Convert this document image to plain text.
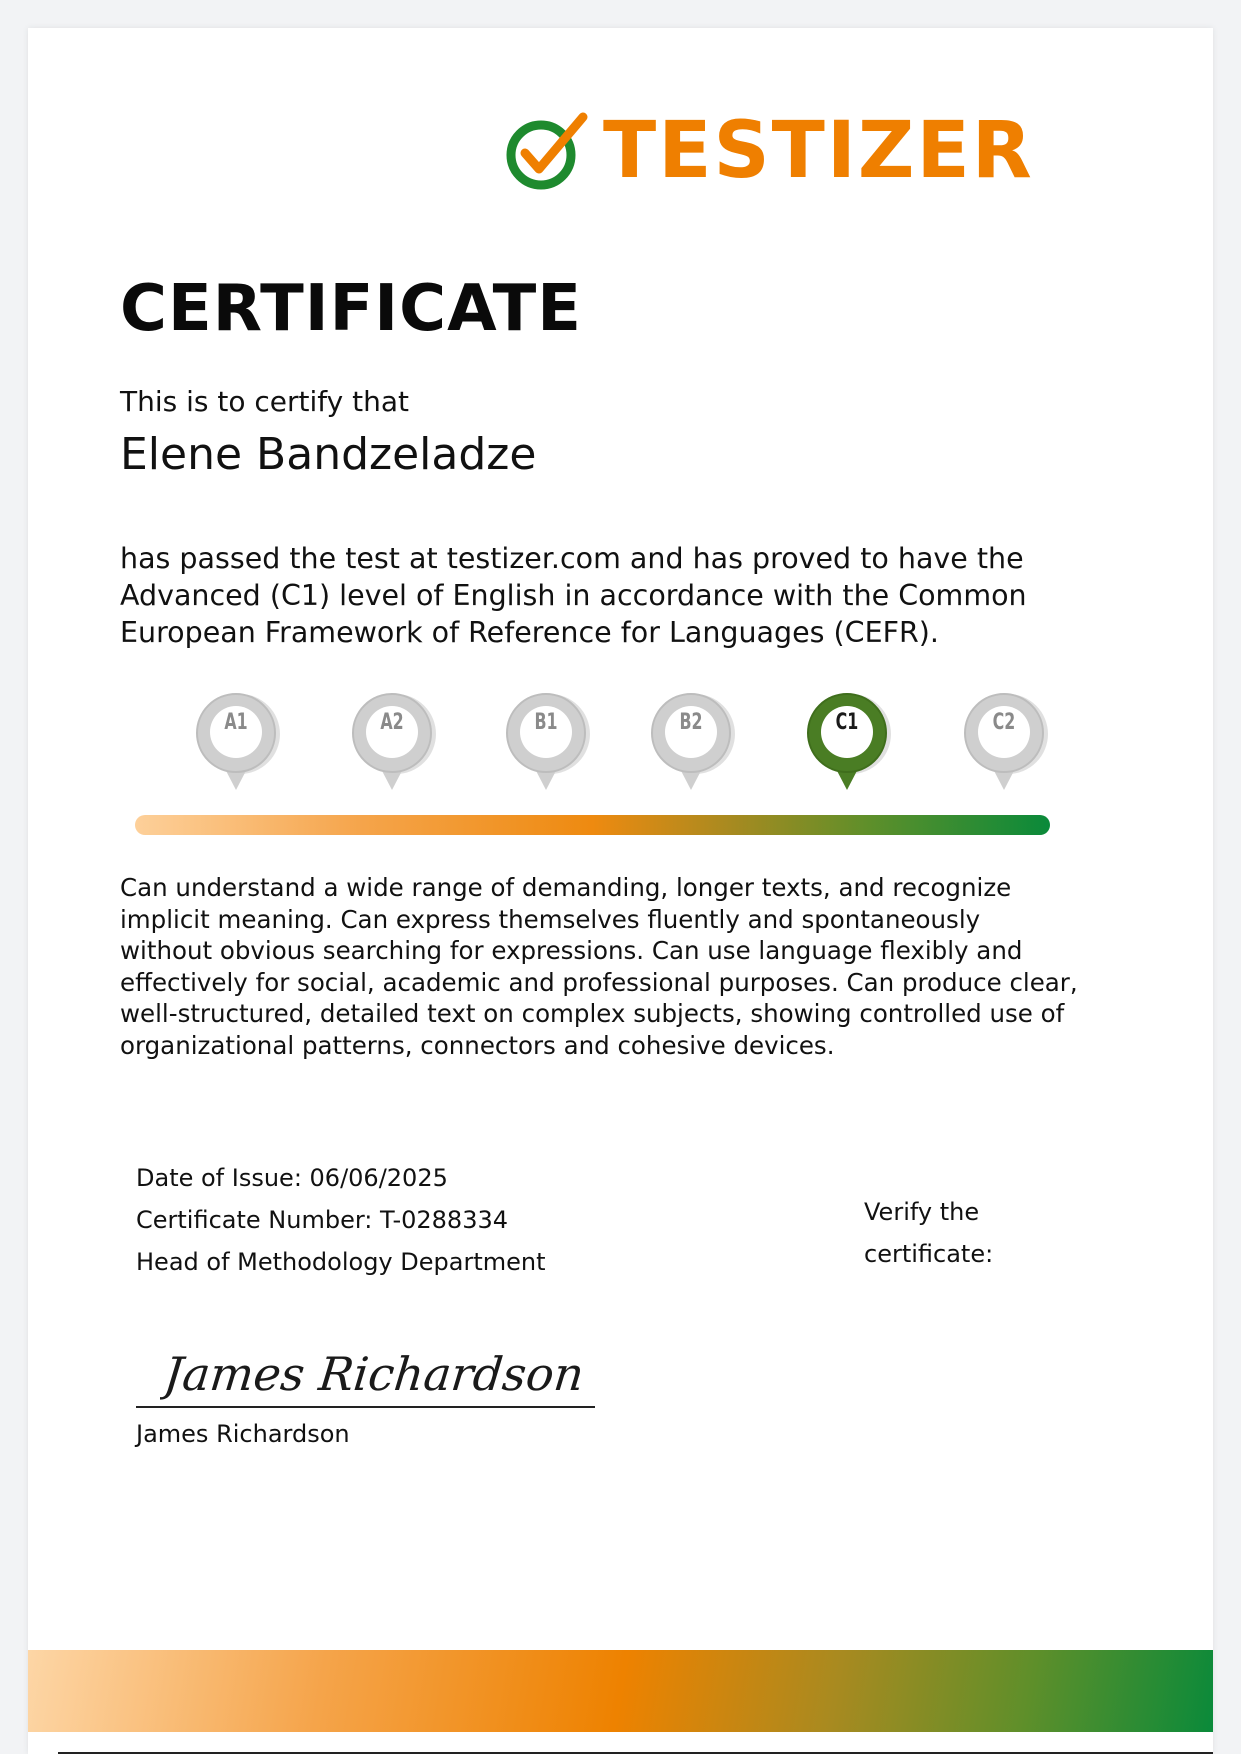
TESTIZER
CERTIFICATE
This is to certify that
Elene Bandzeladze
has passed the test at testizer.com and has proved to have the Advanced (C1) level of English in accordance with the Common European Framework of Reference for Languages (CEFR).
A1	A2	B1	B2	C1	C2
Can understand a wide range of demanding, longer texts, and recognize implicit meaning. Can express themselves fluently and spontaneously without obvious searching for expressions. Can use language flexibly and effectively for social, academic and professional purposes. Can produce clear, well-structured, detailed text on complex subjects, showing controlled use of organizational patterns, connectors and cohesive devices.
Date of Issue: 06/06/2025
Certificate Number: T-0288334
Head of Methodology Department
Verify the certificate:
James Richardson
James Richardson
